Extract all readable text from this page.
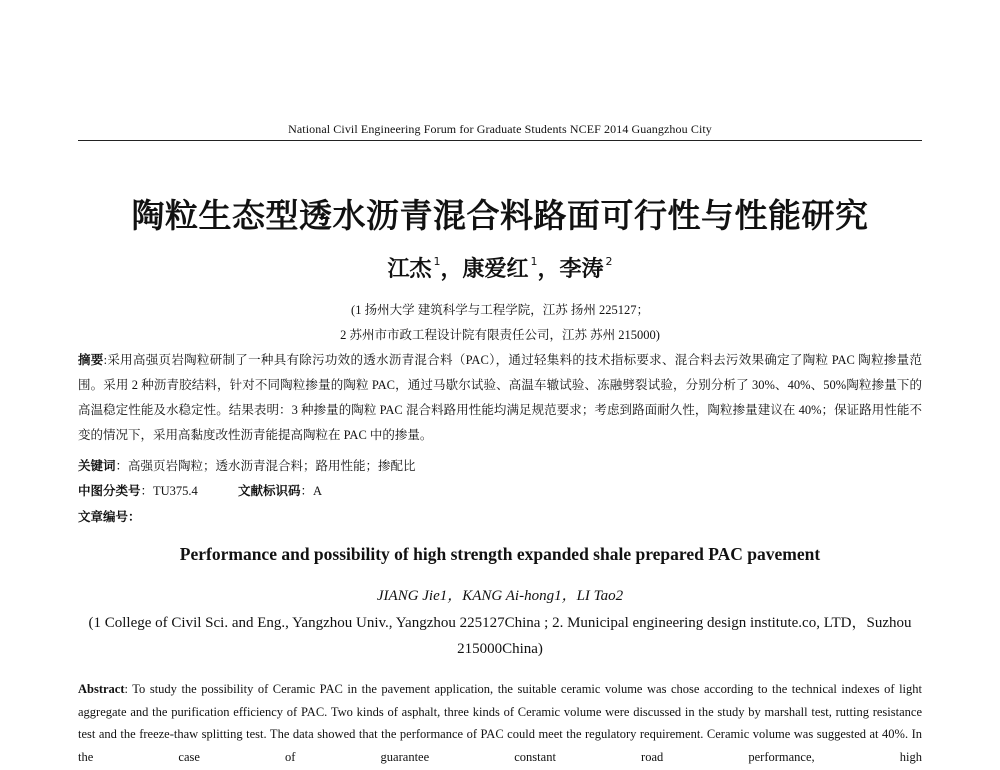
National Civil Engineering Forum for Graduate Students NCEF 2014 Guangzhou City
陶粒生态型透水沥青混合料路面可行性与性能研究
江杰 $^1$，康爱红 $^1$，李涛 $^2$
(1 扬州大学 建筑科学与工程学院，江苏 扬州 225127；
2 苏州市市政工程设计院有限责任公司，江苏 苏州 215000)
摘要:采用高强页岩陶粒研制了一种具有除污功效的透水沥青混合料（PAC），通过轻集料的技术指标要求、混合料去污效果确定了陶粒 PAC 陶粒掺量范围。采用 2 种沥青胶结料，针对不同陶粒掺量的陶粒 PAC，通过马歇尔试验、高温车辙试验、冻融劈裂试验，分别分析了 30%、40%、50%陶粒掺量下的高温稳定性能及水稳定性。结果表明：3 种掺量的陶粒 PAC 混合料路用性能均满足规范要求；考虑到路面耐久性，陶粒掺量建议在 40%；保证路用性能不变的情况下，采用高黏度改性沥青能提高陶粒在 PAC 中的掺量。
关键词：高强页岩陶粒；透水沥青混合料；路用性能；掺配比
中图分类号：TU375.4	文献标识码：A
文章编号：
Performance and possibility of high strength expanded shale prepared PAC pavement
JIANG Jie1，KANG Ai-hong1，LI Tao2
(1 College of Civil Sci. and Eng., Yangzhou Univ., Yangzhou 225127China ; 2. Municipal engineering design institute.co, LTD，Suzhou 215000China)
Abstract: To study the possibility of Ceramic PAC in the pavement application, the suitable ceramic volume was chose according to the technical indexes of light aggregate and the purification efficiency of PAC. Two kinds of asphalt, three kinds of Ceramic volume were discussed in the study by marshall test, rutting resistance test and the freeze-thaw splitting test. The data showed that the performance of PAC could meet the regulatory requirement. Ceramic volume was suggested at 40%. In the case of guarantee constant road performance, high
